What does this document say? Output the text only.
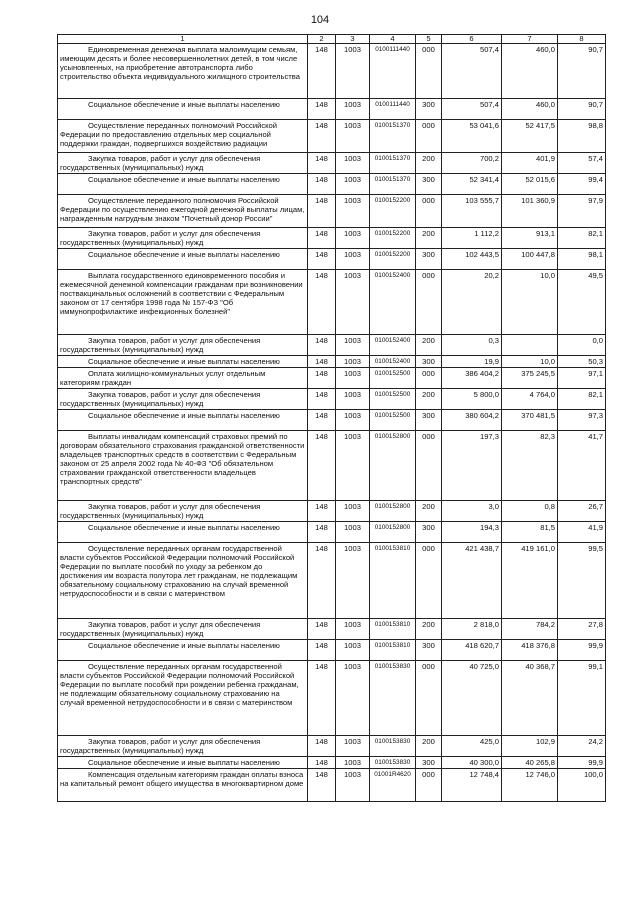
104
1	2	3	4	5	6	7	8
Единовременная денежная выплата малоимущим семьям, имеющим десять и более несовершеннолетних детей, в том числе усыновленных, на приобретение автотранспорта либо строительство объекта индивидуального жилищного строительства	148	1003	0100111440	000	507,4	460,0	90,7
Социальное обеспечение и иные выплаты населению	148	1003	0100111440	300	507,4	460,0	90,7
Осуществление переданных полномочий Российской Федерации по предоставлению отдельных мер социальной поддержки граждан, подвергшихся воздействию радиации	148	1003	0100151370	000	53 041,6	52 417,5	98,8
Закупка товаров, работ и услуг для обеспечения государственных (муниципальных) нужд	148	1003	0100151370	200	700,2	401,9	57,4
Социальное обеспечение и иные выплаты населению	148	1003	0100151370	300	52 341,4	52 015,6	99,4
Осуществление переданного полномочия Российской Федерации по осуществлению ежегодной денежной выплаты лицам, награжденным нагрудным знаком "Почетный донор России"	148	1003	0100152200	000	103 555,7	101 360,9	97,9
Закупка товаров, работ и услуг для обеспечения государственных (муниципальных) нужд	148	1003	0100152200	200	1 112,2	913,1	82,1
Социальное обеспечение и иные выплаты населению	148	1003	0100152200	300	102 443,5	100 447,8	98,1
Выплата государственного единовременного пособия и ежемесячной денежной компенсации гражданам при возникновении поствакцинальных осложнений в соответствии с Федеральным законом от 17 сентября 1998 года № 157-ФЗ "Об иммунопрофилактике инфекционных болезней"	148	1003	0100152400	000	20,2	10,0	49,5
Закупка товаров, работ и услуг для обеспечения государственных (муниципальных) нужд	148	1003	0100152400	200	0,3		0,0
Социальное обеспечение и иные выплаты населению	148	1003	0100152400	300	19,9	10,0	50,3
Оплата жилищно-коммунальных услуг отдельным категориям граждан	148	1003	0100152500	000	386 404,2	375 245,5	97,1
Закупка товаров, работ и услуг для обеспечения государственных (муниципальных) нужд	148	1003	0100152500	200	5 800,0	4 764,0	82,1
Социальное обеспечение и иные выплаты населению	148	1003	0100152500	300	380 604,2	370 481,5	97,3
Выплаты инвалидам компенсаций страховых премий по договорам обязательного страхования гражданской ответственности владельцев транспортных средств в соответствии с Федеральным законом от 25 апреля 2002 года № 40-ФЗ "Об обязательном страховании гражданской ответственности владельцев транспортных средств"	148	1003	0100152800	000	197,3	82,3	41,7
Закупка товаров, работ и услуг для обеспечения государственных (муниципальных) нужд	148	1003	0100152800	200	3,0	0,8	26,7
Социальное обеспечение и иные выплаты населению	148	1003	0100152800	300	194,3	81,5	41,9
Осуществление переданных органам государственной власти субъектов Российской Федерации полномочий Российской Федерации по выплате пособий по уходу за ребенком до достижения им возраста полутора лет гражданам, не подлежащим обязательному социальному страхованию на случай временной нетрудоспособности и в связи с материнством	148	1003	0100153810	000	421 438,7	419 161,0	99,5
Закупка товаров, работ и услуг для обеспечения государственных (муниципальных) нужд	148	1003	0100153810	200	2 818,0	784,2	27,8
Социальное обеспечение и иные выплаты населению	148	1003	0100153810	300	418 620,7	418 376,8	99,9
Осуществление переданных органам государственной власти субъектов Российской Федерации полномочий Российской Федерации по выплате пособий при рождении ребенка гражданам, не подлежащим обязательному социальному страхованию на случай временной нетрудоспособности и в связи с материнством	148	1003	0100153830	000	40 725,0	40 368,7	99,1
Закупка товаров, работ и услуг для обеспечения государственных (муниципальных) нужд	148	1003	0100153830	200	425,0	102,9	24,2
Социальное обеспечение и иные выплаты населению	148	1003	0100153830	300	40 300,0	40 265,8	99,9
Компенсация отдельным категориям граждан оплаты взноса на капитальный ремонт общего имущества в многоквартирном доме	148	1003	01001R4620	000	12 748,4	12 746,0	100,0
